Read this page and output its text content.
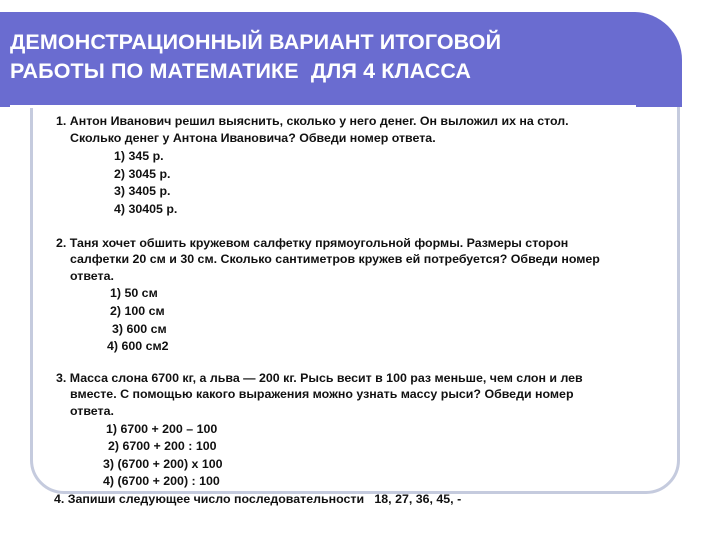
ДЕМОНСТРАЦИОННЫЙ ВАРИАНТ ИТОГОВОЙ
РАБОТЫ ПО МАТЕМАТИКЕ  ДЛЯ 4 КЛАССА
1. Антон Иванович решил выяснить, сколько у него денег. Он выложил их на стол.
Сколько денег у Антона Ивановича? Обведи номер ответа.
1) 345 р.
2) 3045 р.
3) 3405 р.
4) 30405 р.
2. Таня хочет обшить кружевом салфетку прямоугольной формы. Размеры сторон
салфетки 20 см и 30 см. Сколько сантиметров кружев ей потребуется? Обведи номер
ответа.
1) 50 см
2) 100 см
3) 600 см
4) 600 см2
3. Масса слона 6700 кг, а льва — 200 кг. Рысь весит в 100 раз меньше, чем слон и лев
вместе. С помощью какого выражения можно узнать массу рыси? Обведи номер
ответа.
1) 6700 + 200 – 100
2) 6700 + 200 : 100
3) (6700 + 200) х 100
4) (6700 + 200) : 100
4. Запиши следующее число последовательности   18, 27, 36, 45, -
